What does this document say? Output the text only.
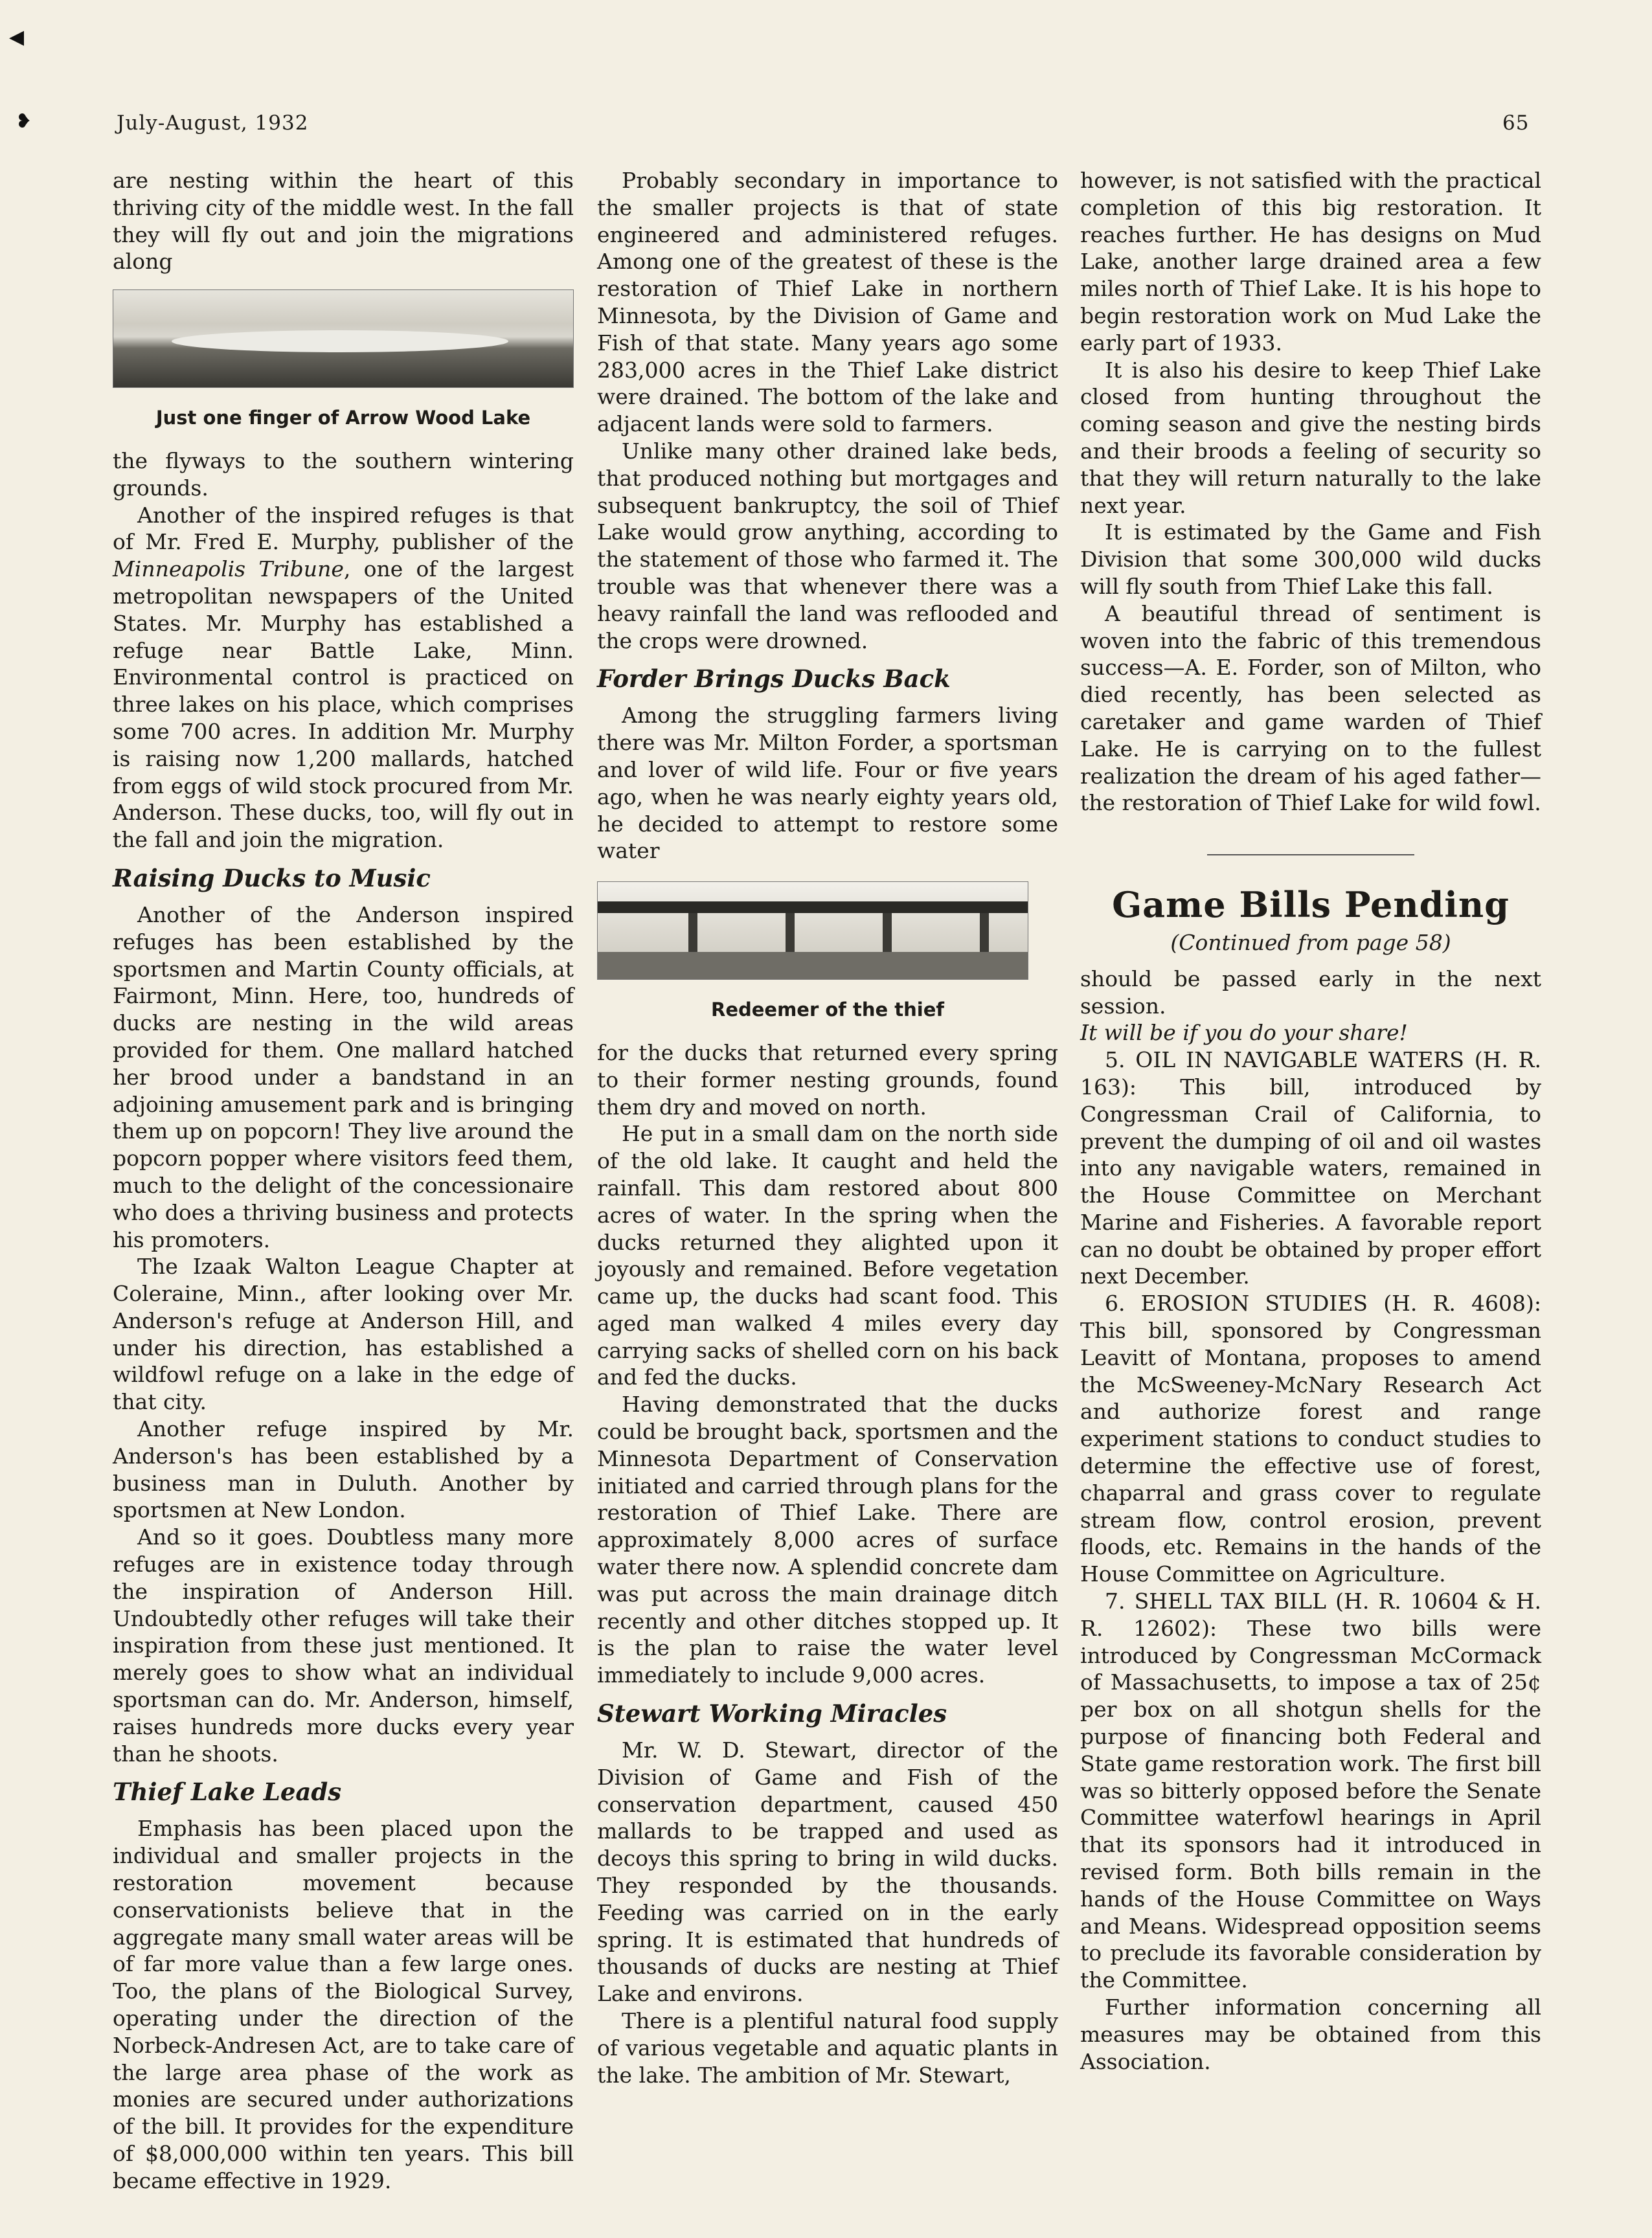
◀
❥	July-August, 1932	65

are nesting within the heart of this thriving city of the middle west. In the fall they will fly out and join the migrations along

Just one finger of Arrow Wood Lake

the flyways to the southern wintering grounds.

Another of the inspired refuges is that of Mr. Fred E. Murphy, publisher of the Minneapolis Tribune, one of the largest metropolitan newspapers of the United States. Mr. Murphy has established a refuge near Battle Lake, Minn. Environmental control is practiced on three lakes on his place, which comprises some 700 acres. In addition Mr. Murphy is raising now 1,200 mallards, hatched from eggs of wild stock procured from Mr. Anderson. These ducks, too, will fly out in the fall and join the migration.

Raising Ducks to Music

Another of the Anderson inspired refuges has been established by the sportsmen and Martin County officials, at Fairmont, Minn. Here, too, hundreds of ducks are nesting in the wild areas provided for them. One mallard hatched her brood under a bandstand in an adjoining amusement park and is bringing them up on popcorn! They live around the popcorn popper where visitors feed them, much to the delight of the concessionaire who does a thriving business and protects his promoters.

The Izaak Walton League Chapter at Coleraine, Minn., after looking over Mr. Anderson's refuge at Anderson Hill, and under his direction, has established a wildfowl refuge on a lake in the edge of that city.

Another refuge inspired by Mr. Anderson's has been established by a business man in Duluth. Another by sportsmen at New London.

And so it goes. Doubtless many more refuges are in existence today through the inspiration of Anderson Hill. Undoubtedly other refuges will take their inspiration from these just mentioned. It merely goes to show what an individual sportsman can do. Mr. Anderson, himself, raises hundreds more ducks every year than he shoots.

Thief Lake Leads

Emphasis has been placed upon the individual and smaller projects in the restoration movement because conservationists believe that in the aggregate many small water areas will be of far more value than a few large ones. Too, the plans of the Biological Survey, operating under the direction of the Norbeck-Andresen Act, are to take care of the large area phase of the work as monies are secured under authorizations of the bill. It provides for the expenditure of $8,000,000 within ten years. This bill became effective in 1929.

Probably secondary in importance to the smaller projects is that of state engineered and administered refuges. Among one of the greatest of these is the restoration of Thief Lake in northern Minnesota, by the Division of Game and Fish of that state. Many years ago some 283,000 acres in the Thief Lake district were drained. The bottom of the lake and adjacent lands were sold to farmers.

Unlike many other drained lake beds, that produced nothing but mortgages and subsequent bankruptcy, the soil of Thief Lake would grow anything, according to the statement of those who farmed it. The trouble was that whenever there was a heavy rainfall the land was reflooded and the crops were drowned.

Forder Brings Ducks Back

Among the struggling farmers living there was Mr. Milton Forder, a sportsman and lover of wild life. Four or five years ago, when he was nearly eighty years old, he decided to attempt to restore some water

Redeemer of the thief

for the ducks that returned every spring to their former nesting grounds, found them dry and moved on north.

He put in a small dam on the north side of the old lake. It caught and held the rainfall. This dam restored about 800 acres of water. In the spring when the ducks returned they alighted upon it joyously and remained. Before vegetation came up, the ducks had scant food. This aged man walked 4 miles every day carrying sacks of shelled corn on his back and fed the ducks.

Having demonstrated that the ducks could be brought back, sportsmen and the Minnesota Department of Conservation initiated and carried through plans for the restoration of Thief Lake. There are approximately 8,000 acres of surface water there now. A splendid concrete dam was put across the main drainage ditch recently and other ditches stopped up. It is the plan to raise the water level immediately to include 9,000 acres.

Stewart Working Miracles

Mr. W. D. Stewart, director of the Division of Game and Fish of the conservation department, caused 450 mallards to be trapped and used as decoys this spring to bring in wild ducks. They responded by the thousands. Feeding was carried on in the early spring. It is estimated that hundreds of thousands of ducks are nesting at Thief Lake and environs.

There is a plentiful natural food supply of various vegetable and aquatic plants in the lake. The ambition of Mr. Stewart,

however, is not satisfied with the practical completion of this big restoration. It reaches further. He has designs on Mud Lake, another large drained area a few miles north of Thief Lake. It is his hope to begin restoration work on Mud Lake the early part of 1933.

It is also his desire to keep Thief Lake closed from hunting throughout the coming season and give the nesting birds and their broods a feeling of security so that they will return naturally to the lake next year.

It is estimated by the Game and Fish Division that some 300,000 wild ducks will fly south from Thief Lake this fall.

A beautiful thread of sentiment is woven into the fabric of this tremendous success—A. E. Forder, son of Milton, who died recently, has been selected as caretaker and game warden of Thief Lake. He is carrying on to the fullest realization the dream of his aged father—the restoration of Thief Lake for wild fowl.

Game Bills Pending
(Continued from page 58)

should be passed early in the next session.

It will be if you do your share!

5. OIL IN NAVIGABLE WATERS (H. R. 163): This bill, introduced by Congressman Crail of California, to prevent the dumping of oil and oil wastes into any navigable waters, remained in the House Committee on Merchant Marine and Fisheries. A favorable report can no doubt be obtained by proper effort next December.

6. EROSION STUDIES (H. R. 4608): This bill, sponsored by Congressman Leavitt of Montana, proposes to amend the McSweeney-McNary Research Act and authorize forest and range experiment stations to conduct studies to determine the effective use of forest, chaparral and grass cover to regulate stream flow, control erosion, prevent floods, etc. Remains in the hands of the House Committee on Agriculture.

7. SHELL TAX BILL (H. R. 10604 & H. R. 12602): These two bills were introduced by Congressman McCormack of Massachusetts, to impose a tax of 25¢ per box on all shotgun shells for the purpose of financing both Federal and State game restoration work. The first bill was so bitterly opposed before the Senate Committee waterfowl hearings in April that its sponsors had it introduced in revised form. Both bills remain in the hands of the House Committee on Ways and Means. Widespread opposition seems to preclude its favorable consideration by the Committee.

Further information concerning all measures may be obtained from this Association.
